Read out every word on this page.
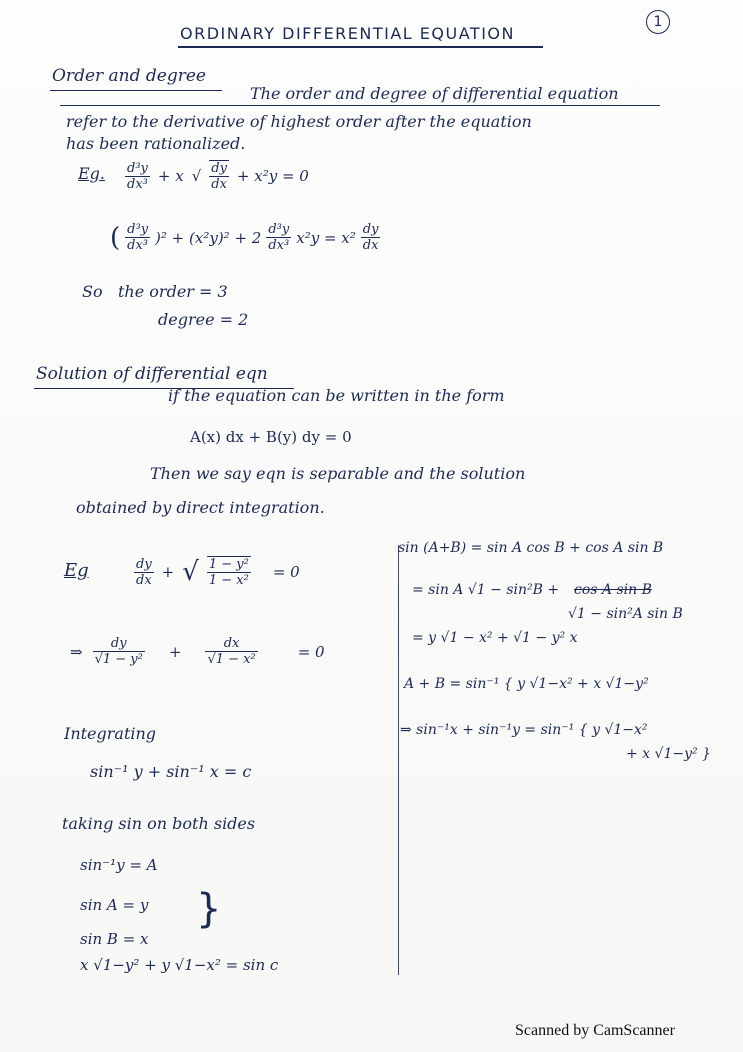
1
ORDINARY DIFFERENTIAL EQUATION
Order and degree
The order and degree of differential equation
refer to the derivative of highest order after the equation
has been rationalized.
Eg. $\frac{\text{d³y}}{\text{dx³}} + x$ √ $\frac{dy}{dx} + x^2y = 0$
( $\frac{\text{d³y}}{\text{dx³}} )^2 + (x^2y)^2 + 2 \frac{\text{d³y}}{\text{dx³}} x^2y = x^2 \frac{dy}{dx}$
So the order = 3
degree = 2
Solution of differential eqn
if the equation can be written in the form
A(x) dx + B(y) dy = 0
Then we say eqn is separable and the solution
obtained by direct integration.
Eg	$\frac{dy}{dx}$ + √ $\frac{\text{1 − y²}}{\text{1 − x²}} = 0$
⇒ $\frac{dy}{\text{√1 − y²}} + \frac{dx}{\text{√1 − x²}}$	= 0
Integrating
sin⁻¹ y + sin⁻¹ x = c
taking sin on both sides
sin⁻¹y = A
sin A = y
sin B = x
}
x √1−y² + y √1−x² = sin c
sin (A+B) = sin A cos B + cos A sin B
= sin A √1 − sin²B + cos A sin B
√1 − sin²A sin B
= y √1 − x² + √1 − y² x
A + B = sin⁻¹ { y √1−x² + x √1−y²
⇒ sin⁻¹x + sin⁻¹y = sin⁻¹ { y √1−x²
+ x √1−y² }
Scanned by CamScanner
